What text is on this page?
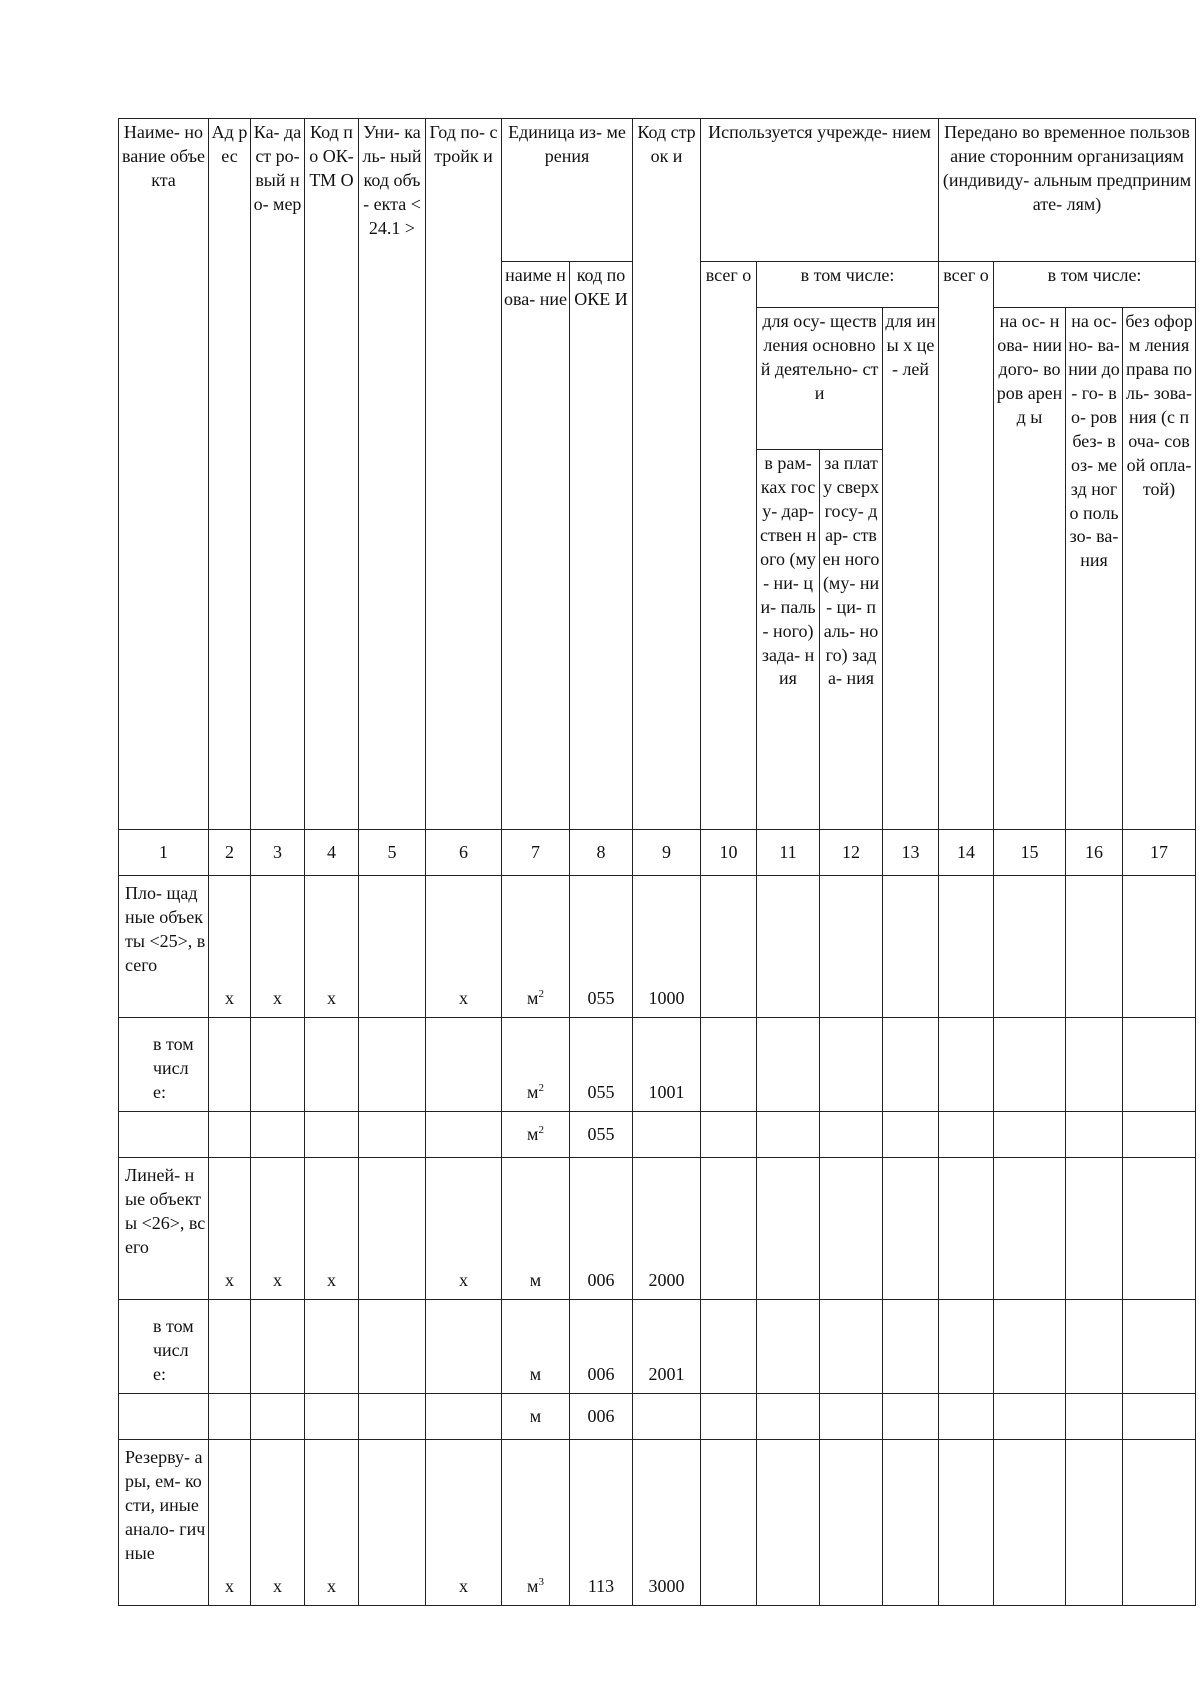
Наиме- нование объекта	Ад рес	Ка- даст ро- вый но- мер	Код по ОК- ТМ О	Уни- каль- ный код объ- екта <24.1 >	Год по- стройк и	Единица из- мерения		Код строк и	Используется учрежде- нием				Передано во временное пользование сторонним организациям (индивиду- альным предпринимате- лям)			
						наиме нова- ние	код по ОКЕ И		всег о	в том числе:			всег о	в том числе:		
										для осу- ществления основной деятельно- сти		для ины х це- лей		на ос- нова- нии дого- воров аренд ы	на ос- но- ва- нии до- го- во- ров без- воз- мезд ного поль зо- ва- ния	без оформ ления права поль- зова- ния (с почa- совой опла- той)
										в рам- ках госу- дар- ствен ного (му- ни- ци- паль- ного) зада- ния	за плат у сверх госу- дар- ствен ного (му- ни- ци- паль- ного) зада- ния					
1	2	3	4	5	6	7	8	9	10	11	12	13	14	15	16	17
Пло- щадные объекты <25>, всего	х	х	х		х	$м^2$	055	1000								
в том числ е:						$м^2$	055	1001								
						$м^2$	055									
Линей- ные объекты <26>, всего	х	х	х		х	м	006	2000								
в том числ е:						м	006	2001								
						м	006									
Резерву- ары, ем- кости, иные анало- гичные	х	х	х		х	$м^3$	113	3000								
